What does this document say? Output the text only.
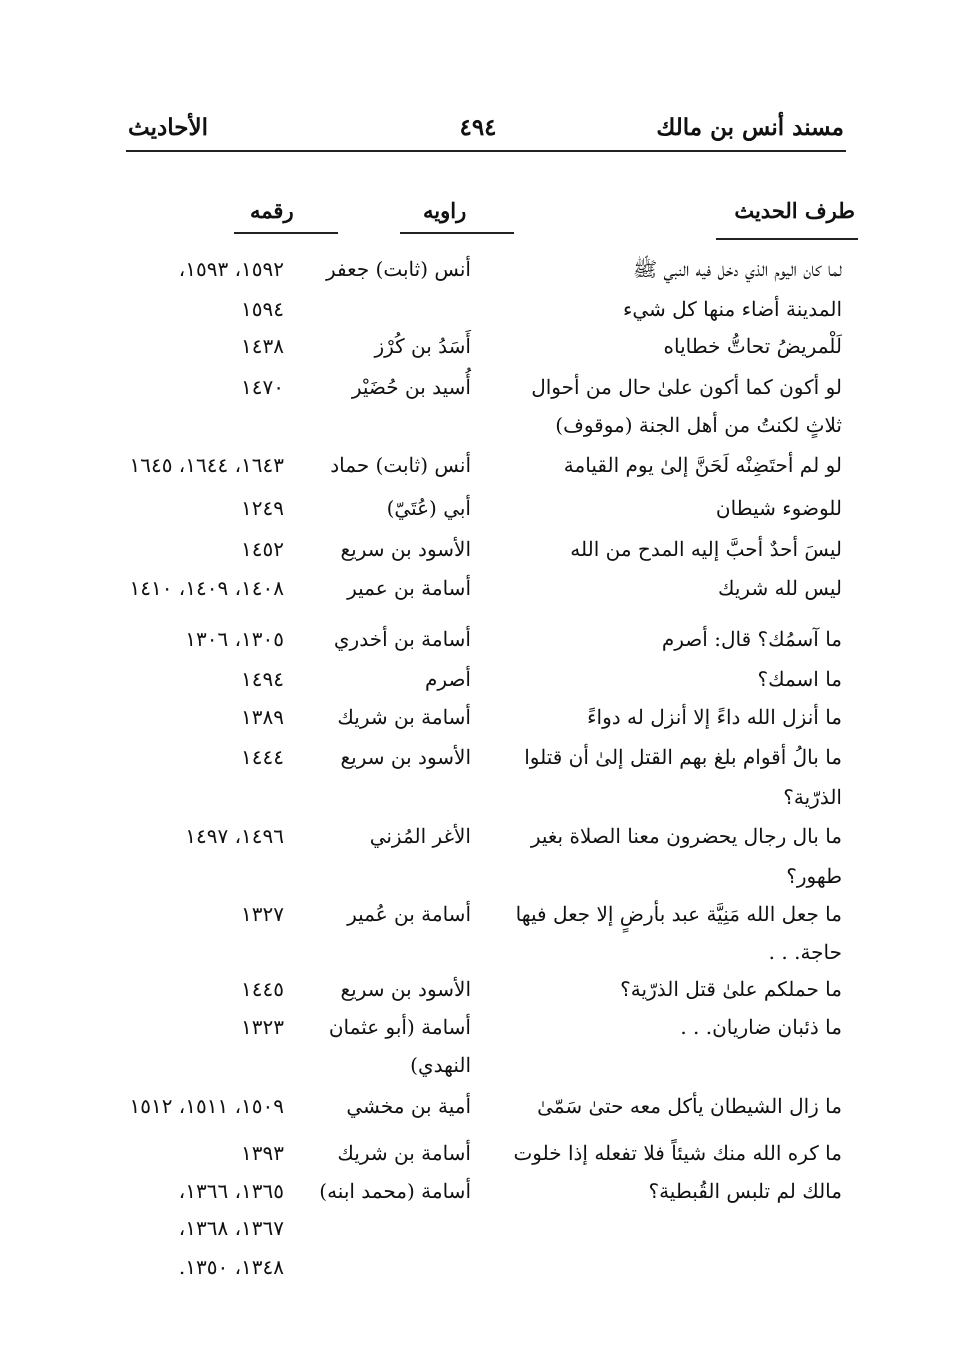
مسند أنس بن مالك
٤٩٤
الأحاديث
طرف الحديث
راويه
رقمه
لما كان اليوم الذي دخل فيه النبي ﷺ
أنس (ثابت) جعفر
١٥٩٢، ١٥٩٣،
المدينة أضاء منها كل شيء
١٥٩٤
لَلْمريضُ تحاتُّ خطاياه
أَسَدُ بن كُرْز
١٤٣٨
لو أكون كما أكون علىٰ حال من أحوال
أُسيد بن حُضَيْر
١٤٧٠
ثلاثٍ لكنتُ من أهل الجنة (موقوف)
لو لم أحتَضِنْه لَحَنَّ إلىٰ يوم القيامة
أنس (ثابت) حماد
١٦٤٣، ١٦٤٤، ١٦٤٥
للوضوء شيطان
أبي (عُتَيّ)
١٢٤٩
ليسَ أحدٌ أحبَّ إليه المدح من الله
الأسود بن سريع
١٤٥٢
ليس لله شريك
أسامة بن عمير
١٤٠٨، ١٤٠٩، ١٤١٠
ما آسمُك؟ قال: أصرم
أسامة بن أخدري
١٣٠٥، ١٣٠٦
ما اسمك؟
أصرم
١٤٩٤
ما أنزل الله داءً إلا أنزل له دواءً
أسامة بن شريك
١٣٨٩
ما بالُ أقوام بلغ بهم القتل إلىٰ أن قتلوا
الأسود بن سريع
١٤٤٤
الذرّية؟
ما بال رجال يحضرون معنا الصلاة بغير
الأغر المُزني
١٤٩٦، ١٤٩٧
طهور؟
ما جعل الله مَنِيَّة عبد بأرضٍ إلا جعل فيها
أسامة بن عُمير
١٣٢٧
حاجة. . .
ما حملكم علىٰ قتل الذرّية؟
الأسود بن سريع
١٤٤٥
ما ذئبان ضاريان. . .
أسامة (أبو عثمان
١٣٢٣
النهدي)
ما زال الشيطان يأكل معه حتىٰ سَمّىٰ
أمية بن مخشي
١٥٠٩، ١٥١١، ١٥١٢
ما كره الله منك شيئاً فلا تفعله إذا خلوت
أسامة بن شريك
١٣٩٣
مالك لم تلبس القُبطية؟
أسامة (محمد ابنه)
١٣٦٥، ١٣٦٦،
١٣٦٧، ١٣٦٨،
١٣٤٨، ١٣٥٠.
